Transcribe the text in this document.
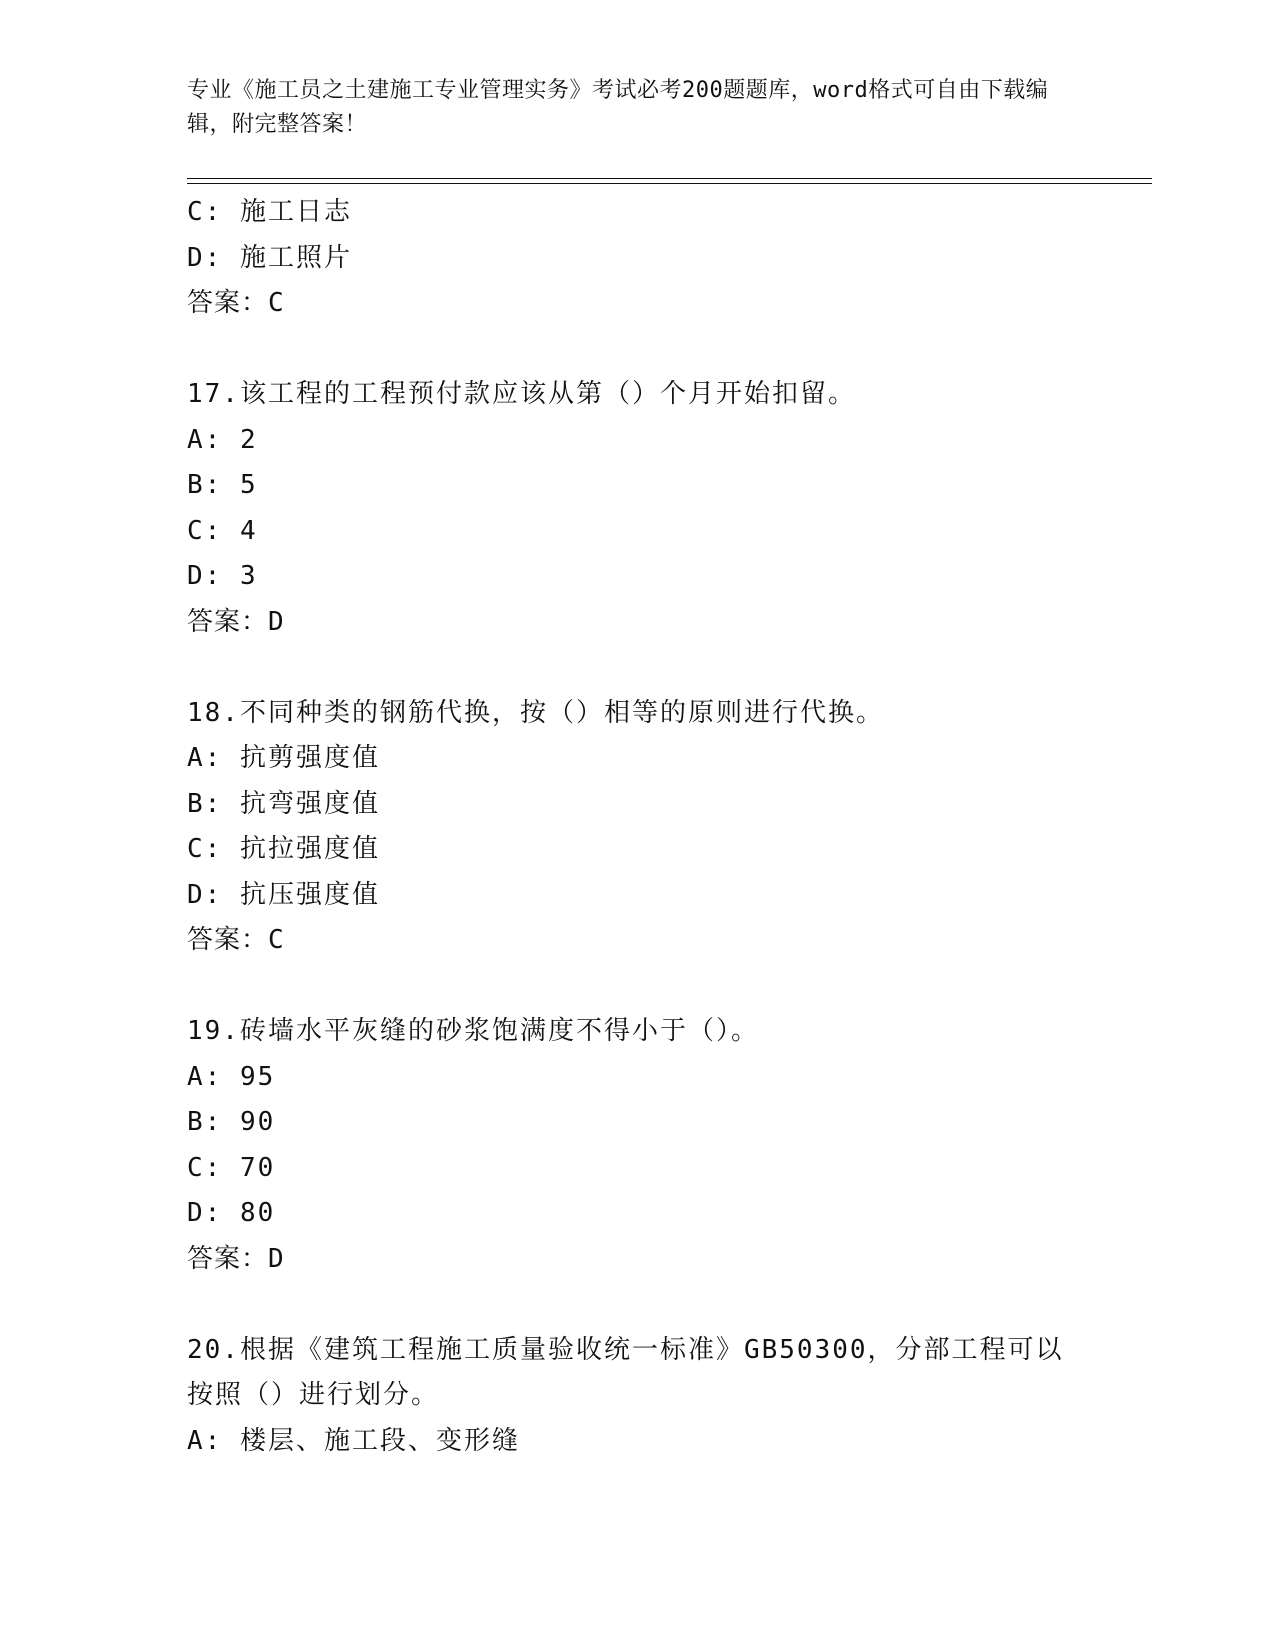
专业《施工员之土建施工专业管理实务》考试必考200题题库，word格式可自由下载编辑，附完整答案！
C: 施工日志
D: 施工照片
答案：C
17.该工程的工程预付款应该从第（）个月开始扣留。
A: 2
B: 5
C: 4
D: 3
答案：D
18.不同种类的钢筋代换，按（）相等的原则进行代换。
A: 抗剪强度值
B: 抗弯强度值
C: 抗拉强度值
D: 抗压强度值
答案：C
19.砖墙水平灰缝的砂浆饱满度不得小于（）。
A: 95
B: 90
C: 70
D: 80
答案：D
20.根据《建筑工程施工质量验收统一标准》GB50300，分部工程可以
按照（）进行划分。
A: 楼层、施工段、变形缝
